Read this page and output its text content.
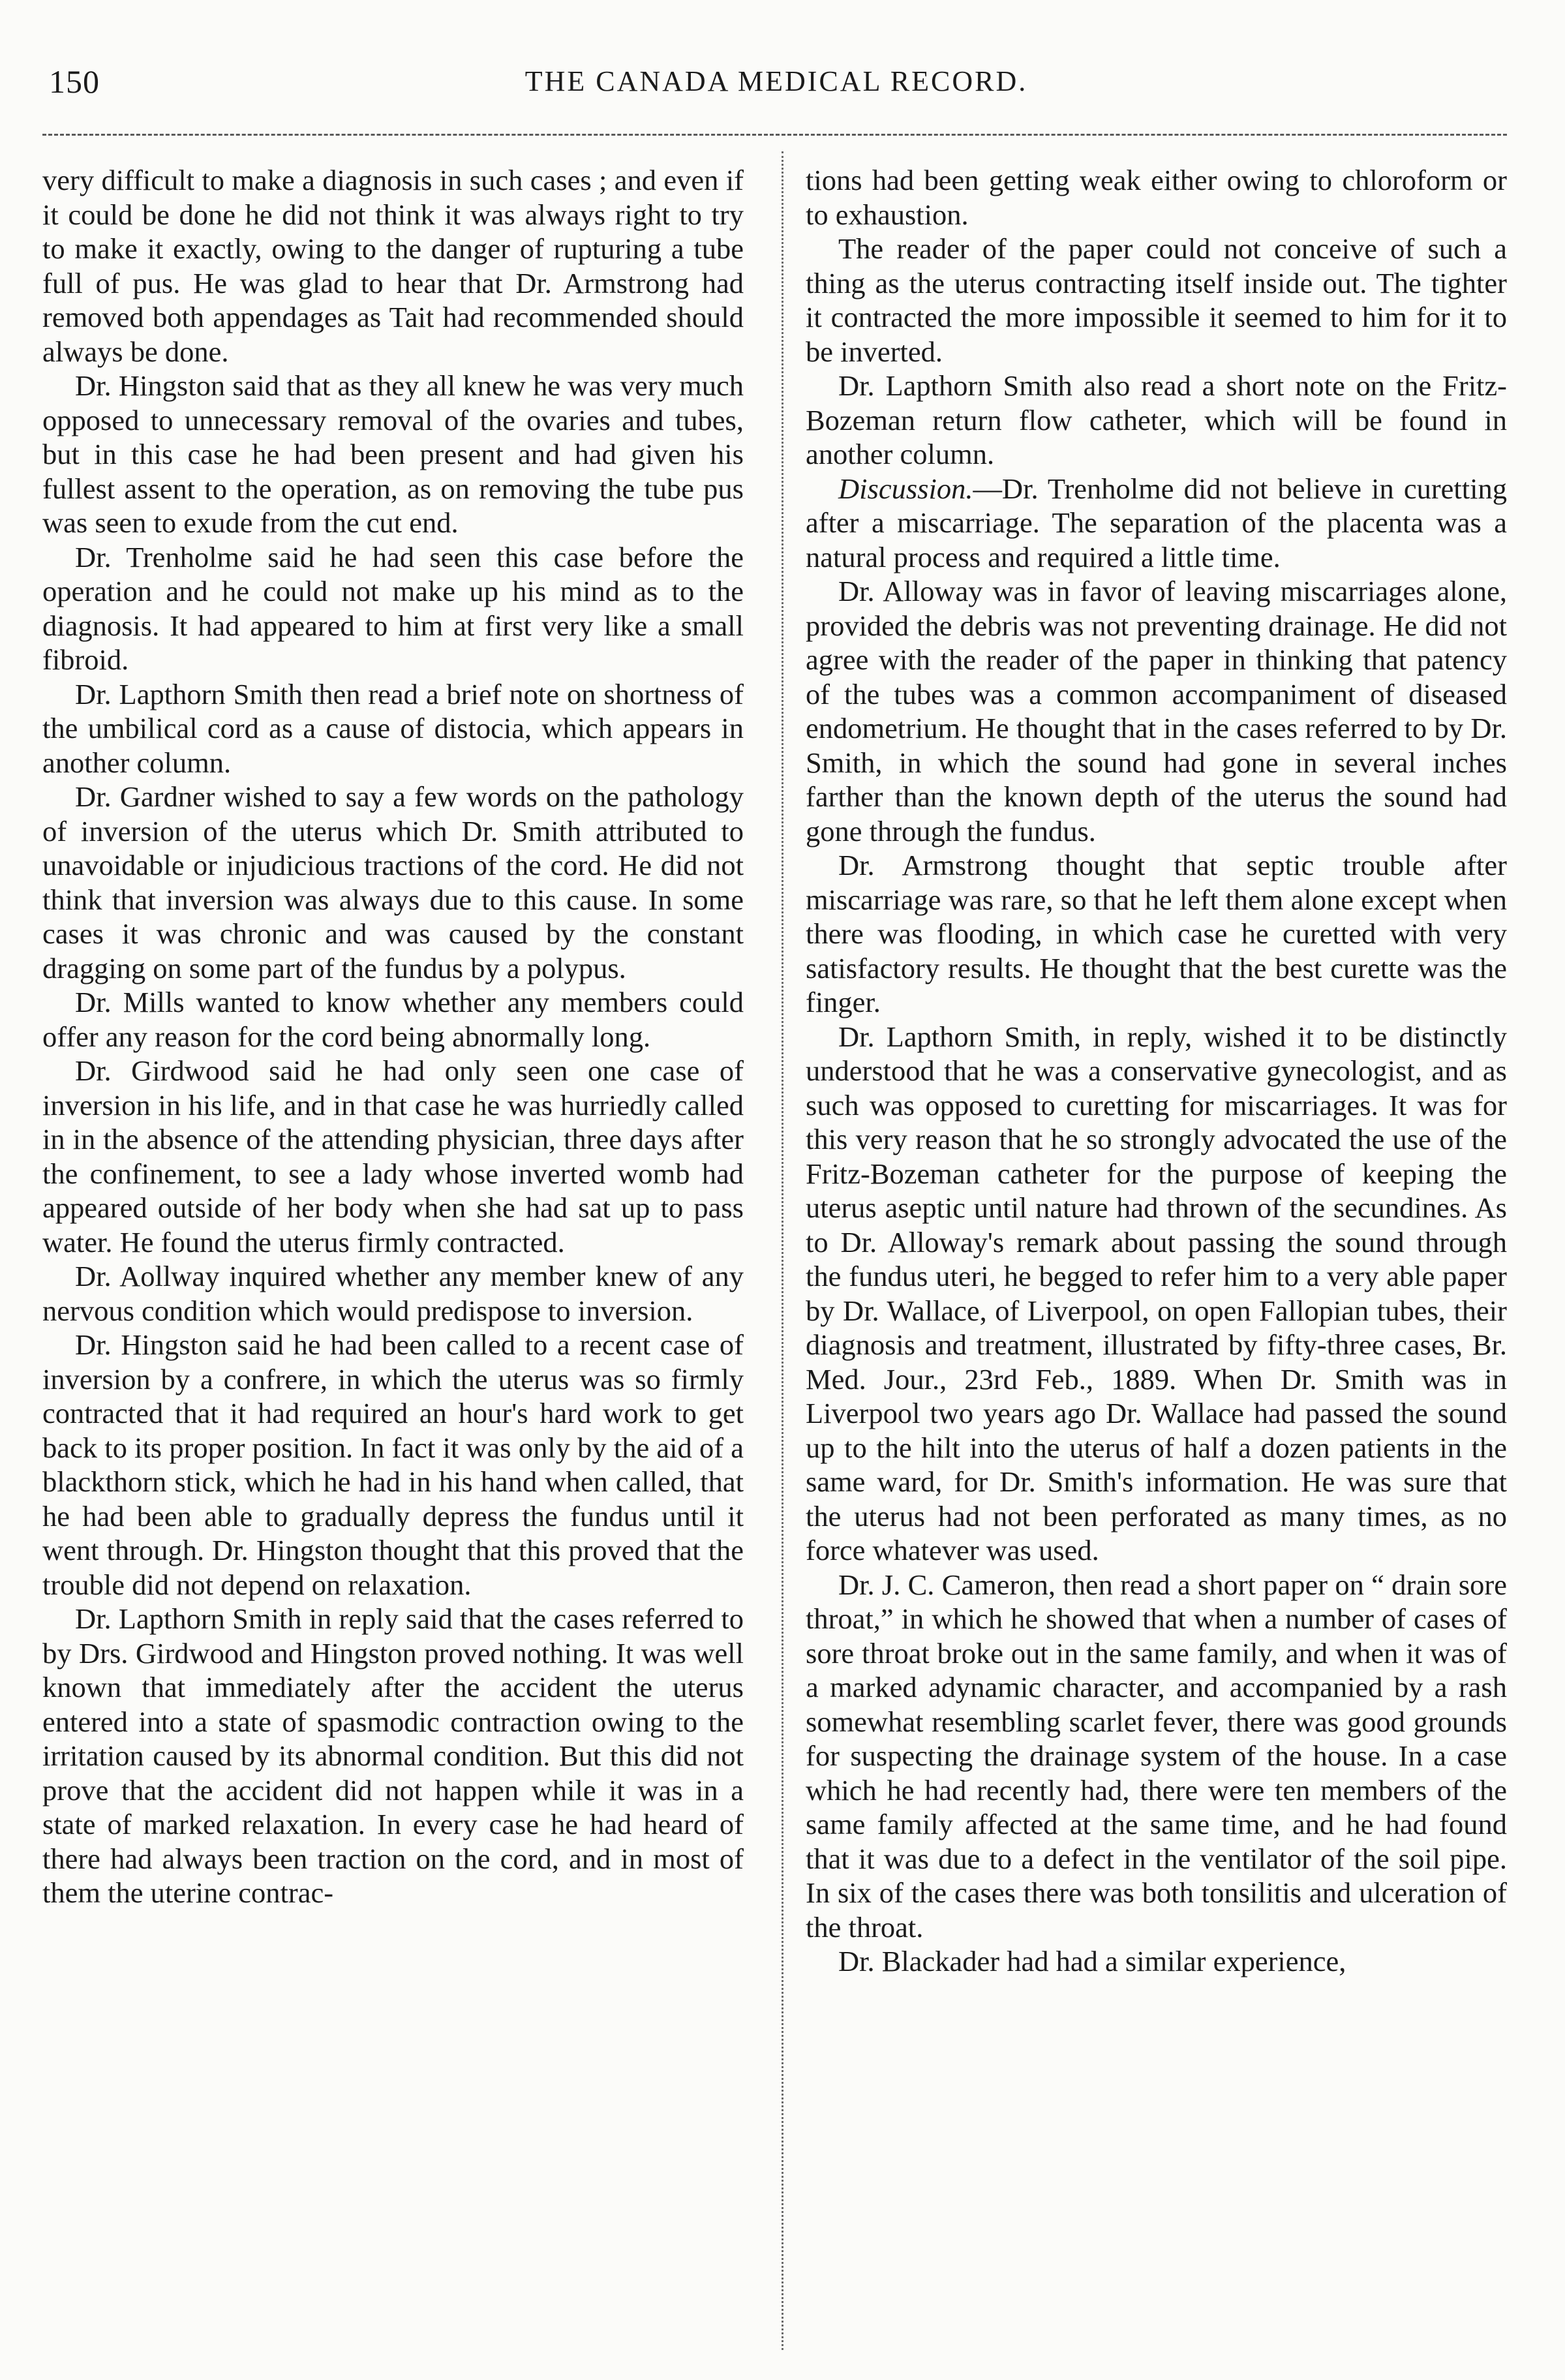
150	THE CANADA MEDICAL RECORD.

very difficult to make a diagnosis in such cases ; and even if it could be done he did not think it was always right to try to make it exactly, owing to the danger of rupturing a tube full of pus. He was glad to hear that Dr. Armstrong had removed both appendages as Tait had recommended should always be done.

Dr. Hingston said that as they all knew he was very much opposed to unnecessary removal of the ovaries and tubes, but in this case he had been present and had given his fullest assent to the operation, as on removing the tube pus was seen to exude from the cut end.

Dr. Trenholme said he had seen this case before the operation and he could not make up his mind as to the diagnosis. It had appeared to him at first very like a small fibroid.

Dr. Lapthorn Smith then read a brief note on shortness of the umbilical cord as a cause of distocia, which appears in another column.

Dr. Gardner wished to say a few words on the pathology of inversion of the uterus which Dr. Smith attributed to unavoidable or injudicious tractions of the cord. He did not think that inversion was always due to this cause. In some cases it was chronic and was caused by the constant dragging on some part of the fundus by a polypus.

Dr. Mills wanted to know whether any members could offer any reason for the cord being abnormally long.

Dr. Girdwood said he had only seen one case of inversion in his life, and in that case he was hurriedly called in in the absence of the attending physician, three days after the confinement, to see a lady whose inverted womb had appeared outside of her body when she had sat up to pass water. He found the uterus firmly contracted.

Dr. Aollway inquired whether any member knew of any nervous condition which would predispose to inversion.

Dr. Hingston said he had been called to a recent case of inversion by a confrere, in which the uterus was so firmly contracted that it had required an hour's hard work to get back to its proper position. In fact it was only by the aid of a blackthorn stick, which he had in his hand when called, that he had been able to gradually depress the fundus until it went through. Dr. Hingston thought that this proved that the trouble did not depend on relaxation.

Dr. Lapthorn Smith in reply said that the cases referred to by Drs. Girdwood and Hingston proved nothing. It was well known that immediately after the accident the uterus entered into a state of spasmodic contraction owing to the irritation caused by its abnormal condition. But this did not prove that the accident did not happen while it was in a state of marked relaxation. In every case he had heard of there had always been traction on the cord, and in most of them the uterine contrac-

tions had been getting weak either owing to chloroform or to exhaustion.

The reader of the paper could not conceive of such a thing as the uterus contracting itself inside out. The tighter it contracted the more impossible it seemed to him for it to be inverted.

Dr. Lapthorn Smith also read a short note on the Fritz-Bozeman return flow catheter, which will be found in another column.

Discussion.—Dr. Trenholme did not believe in curetting after a miscarriage. The separation of the placenta was a natural process and required a little time.

Dr. Alloway was in favor of leaving miscarriages alone, provided the debris was not preventing drainage. He did not agree with the reader of the paper in thinking that patency of the tubes was a common accompaniment of diseased endometrium. He thought that in the cases referred to by Dr. Smith, in which the sound had gone in several inches farther than the known depth of the uterus the sound had gone through the fundus.

Dr. Armstrong thought that septic trouble after miscarriage was rare, so that he left them alone except when there was flooding, in which case he curetted with very satisfactory results. He thought that the best curette was the finger.

Dr. Lapthorn Smith, in reply, wished it to be distinctly understood that he was a conservative gynecologist, and as such was opposed to curetting for miscarriages. It was for this very reason that he so strongly advocated the use of the Fritz-Bozeman catheter for the purpose of keeping the uterus aseptic until nature had thrown of the secundines. As to Dr. Alloway's remark about passing the sound through the fundus uteri, he begged to refer him to a very able paper by Dr. Wallace, of Liverpool, on open Fallopian tubes, their diagnosis and treatment, illustrated by fifty-three cases, Br. Med. Jour., 23rd Feb., 1889. When Dr. Smith was in Liverpool two years ago Dr. Wallace had passed the sound up to the hilt into the uterus of half a dozen patients in the same ward, for Dr. Smith's information. He was sure that the uterus had not been perforated as many times, as no force whatever was used.

Dr. J. C. Cameron, then read a short paper on “ drain sore throat,” in which he showed that when a number of cases of sore throat broke out in the same family, and when it was of a marked adynamic character, and accompanied by a rash somewhat resembling scarlet fever, there was good grounds for suspecting the drainage system of the house. In a case which he had recently had, there were ten members of the same family affected at the same time, and he had found that it was due to a defect in the ventilator of the soil pipe. In six of the cases there was both tonsilitis and ulceration of the throat.

Dr. Blackader had had a similar experience,
